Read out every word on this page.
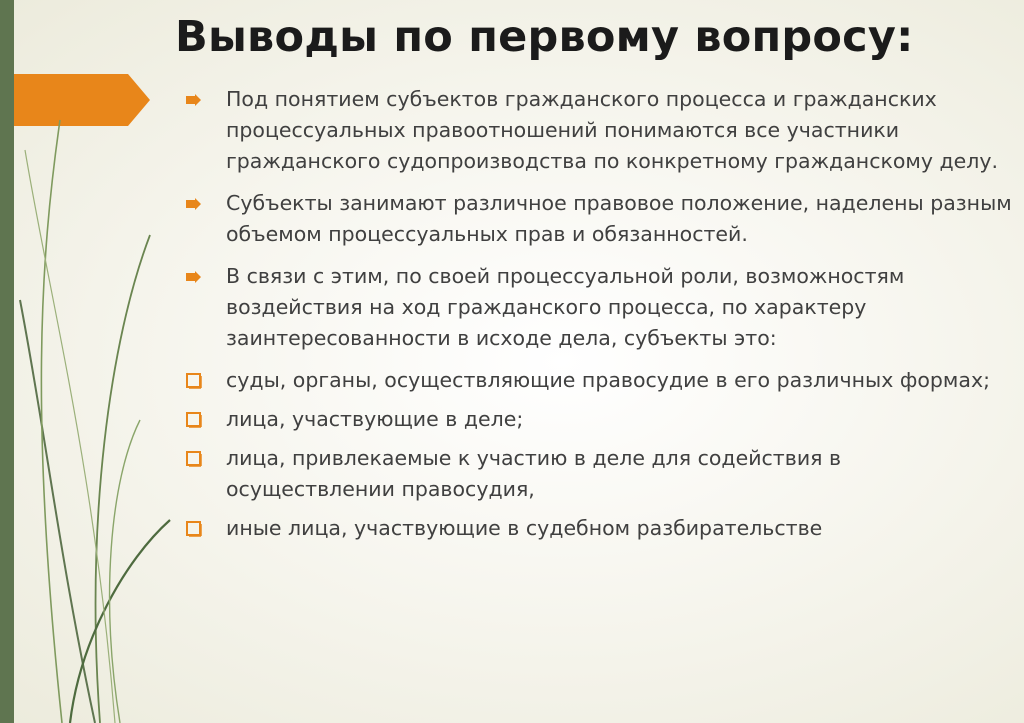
Выводы по первому вопросу:
Под понятием субъектов гражданского процесса и гражданских процессуальных правоотношений понимаются все участники гражданского судопроизводства по конкретному гражданскому делу.
Субъекты занимают различное правовое положение, наделены разным объемом процессуальных прав и обязанностей.
В связи с этим, по своей процессуальной роли, возможностям воздействия на ход гражданского процесса, по характеру заинтересованности в исходе дела, субъекты это:
суды, органы, осуществляющие правосудие в его различных формах;
лица, участвующие в деле;
лица, привлекаемые к участию в деле для содействия в осуществлении правосудия,
иные лица, участвующие в судебном разбирательстве
